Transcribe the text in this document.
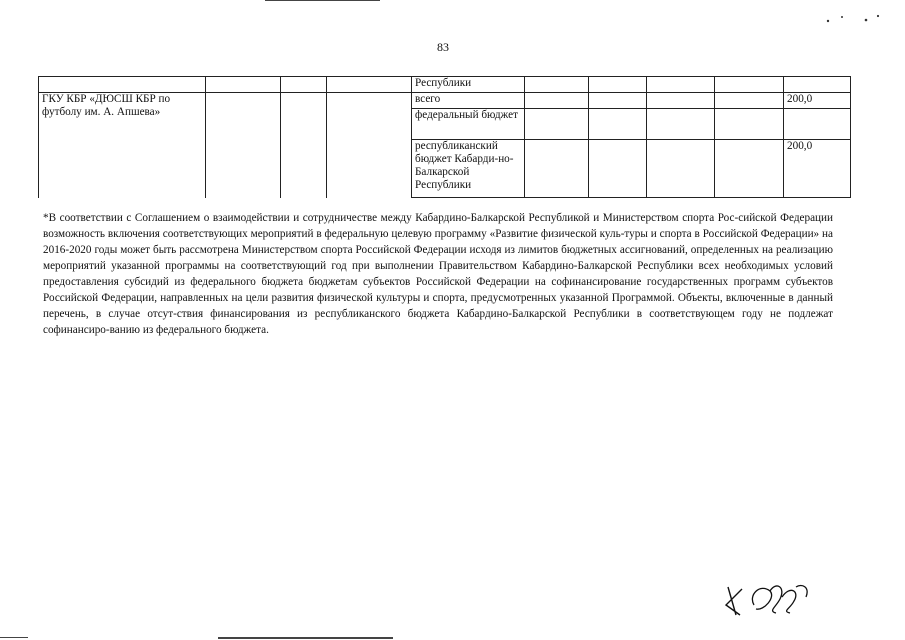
83
				Республики					
ГКУ КБР «ДЮСШ КБР по футболу им. А. Апшева»				всего					200,0
				федеральный бюджет					
				республиканский бюджет Кабарди-но-Балкарской Республики					200,0

*В соответствии с Соглашением о взаимодействии и сотрудничестве между Кабардино-Балкарской Республикой и Министерством спорта Рос-сийской Федерации возможность включения соответствующих мероприятий в федеральную целевую программу «Развитие физической куль-туры и спорта в Российской Федерации» на 2016-2020 годы может быть рассмотрена Министерством спорта Российской Федерации исходя из лимитов бюджетных ассигнований, определенных на реализацию мероприятий указанной программы на соответствующий год при выполнении Правительством Кабардино-Балкарской Республики всех необходимых условий предоставления субсидий из федерального бюджета бюджетам субъектов Российской Федерации на софинансирование государственных программ субъектов Российской Федерации, направленных на цели развития физической культуры и спорта, предусмотренных указанной Программой. Объекты, включенные в данный перечень, в случае отсут-ствия финансирования из республиканского бюджета Кабардино-Балкарской Республики в соответствующем году не подлежат софинансиро-ванию из федерального бюджета.
